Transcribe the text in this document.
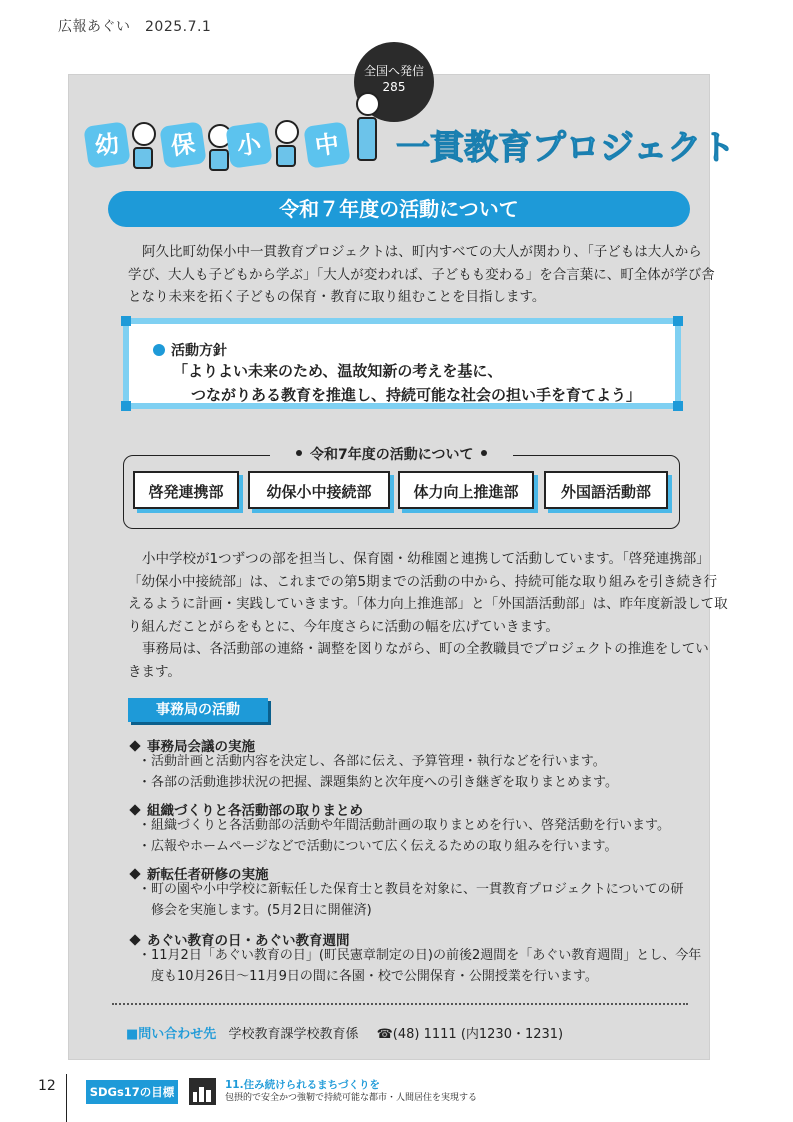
広報あぐい　2025.7.1
全国へ発信
285
幼	保	小	中 一貫教育プロジェクト
令和７年度の活動について
阿久比町幼保小中一貫教育プロジェクトは、町内すべての大人が関わり、「子どもは大人から
学び、大人も子どもから学ぶ」「大人が変われば、子どもも変わる」を合言葉に、町全体が学び舎
となり未来を拓く子どもの保育・教育に取り組むことを目指します。
活動方針
「よりよい未来のため、温故知新の考えを基に、
つながりある教育を推進し、持続可能な社会の担い手を育てよう」
令和7年度の活動について
啓発連携部	幼保小中接続部	体力向上推進部	外国語活動部
小中学校が1つずつの部を担当し、保育園・幼稚園と連携して活動しています。「啓発連携部」
「幼保小中接続部」は、これまでの第5期までの活動の中から、持続可能な取り組みを引き続き行
えるように計画・実践していきます。「体力向上推進部」と「外国語活動部」は、昨年度新設して取
り組んだことがらをもとに、今年度さらに活動の幅を広げていきます。
事務局は、各活動部の連絡・調整を図りながら、町の全教職員でプロジェクトの推進をしてい
きます。
事務局の活動
事務局会議の実施
・活動計画と活動内容を決定し、各部に伝え、予算管理・執行などを行います。
・各部の活動進捗状況の把握、課題集約と次年度への引き継ぎを取りまとめます。
組織づくりと各活動部の取りまとめ
・組織づくりと各活動部の活動や年間活動計画の取りまとめを行い、啓発活動を行います。
・広報やホームページなどで活動について広く伝えるための取り組みを行います。
新転任者研修の実施
・町の園や小中学校に新転任した保育士と教員を対象に、一貫教育プロジェクトについての研
　修会を実施します。(5月2日に開催済)
あぐい教育の日・あぐい教育週間
・11月2日「あぐい教育の日」(町民憲章制定の日)の前後2週間を「あぐい教育週間」とし、今年
　度も10月26日～11月9日の間に各園・校で公開保育・公開授業を行います。
■問い合わせ先 学校教育課学校教育係 ☎(48) 1111 (内1230・1231)
12	SDGs17の目標	11.住み続けられるまちづくりを
包摂的で安全かつ強靭で持続可能な都市・人間居住を実現する
